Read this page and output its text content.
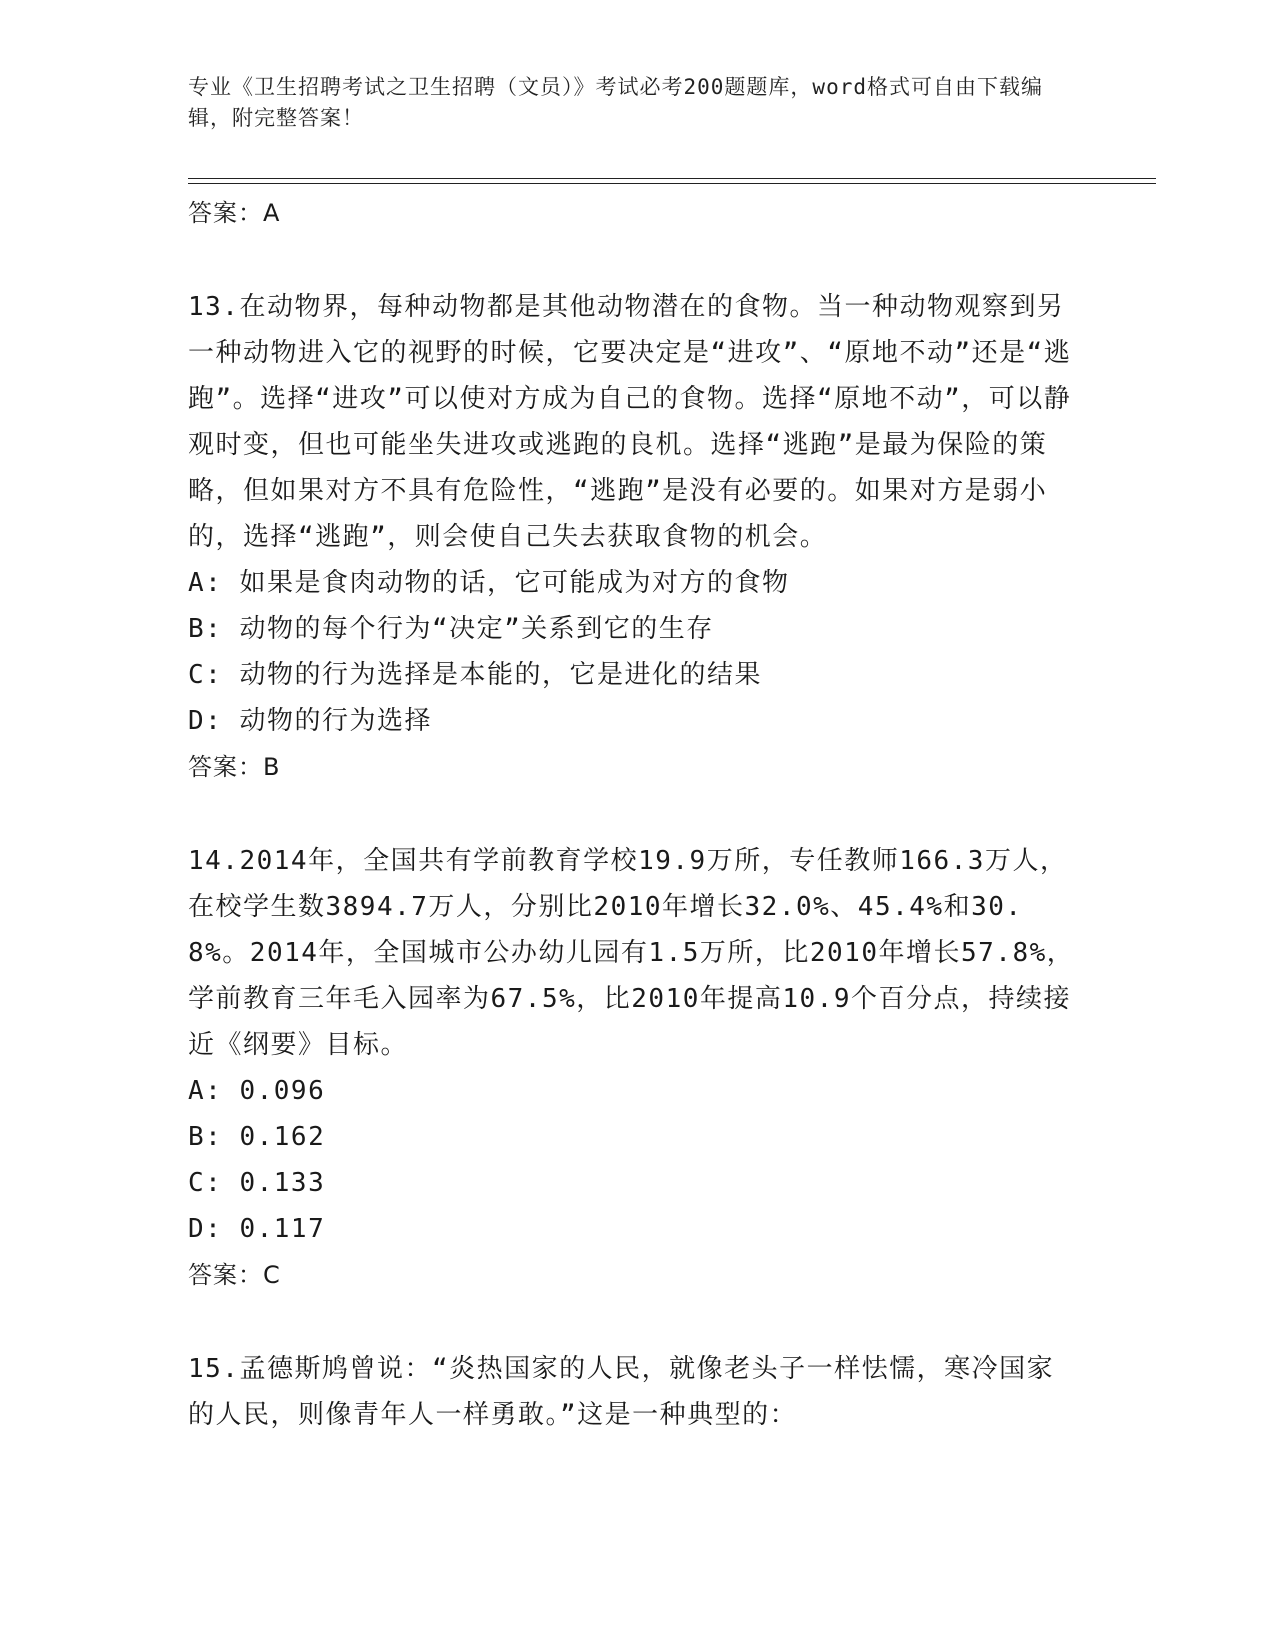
专业《卫生招聘考试之卫生招聘（文员）》考试必考200题题库，word格式可自由下载编辑，附完整答案！
答案：A

13.在动物界，每种动物都是其他动物潜在的食物。当一种动物观察到另一种动物进入它的视野的时候，它要决定是“进攻”、“原地不动”还是“逃跑”。选择“进攻”可以使对方成为自己的食物。选择“原地不动”，可以静观时变，但也可能坐失进攻或逃跑的良机。选择“逃跑”是最为保险的策略，但如果对方不具有危险性，“逃跑”是没有必要的。如果对方是弱小的，选择“逃跑”，则会使自己失去获取食物的机会。

A: 如果是食肉动物的话，它可能成为对方的食物
B: 动物的每个行为“决定”关系到它的生存
C: 动物的行为选择是本能的，它是进化的结果
D: 动物的行为选择
答案：B

14.2014年，全国共有学前教育学校19.9万所，专任教师166.3万人，在校学生数3894.7万人，分别比2010年增长32.0%、45.4%和30.8%。2014年，全国城市公办幼儿园有1.5万所，比2010年增长57.8%，学前教育三年毛入园率为67.5%，比2010年提高10.9个百分点，持续接近《纲要》目标。

A: 0.096
B: 0.162
C: 0.133
D: 0.117
答案：C

15.孟德斯鸠曾说：“炎热国家的人民，就像老头子一样怯懦，寒冷国家的人民，则像青年人一样勇敢。”这是一种典型的：
